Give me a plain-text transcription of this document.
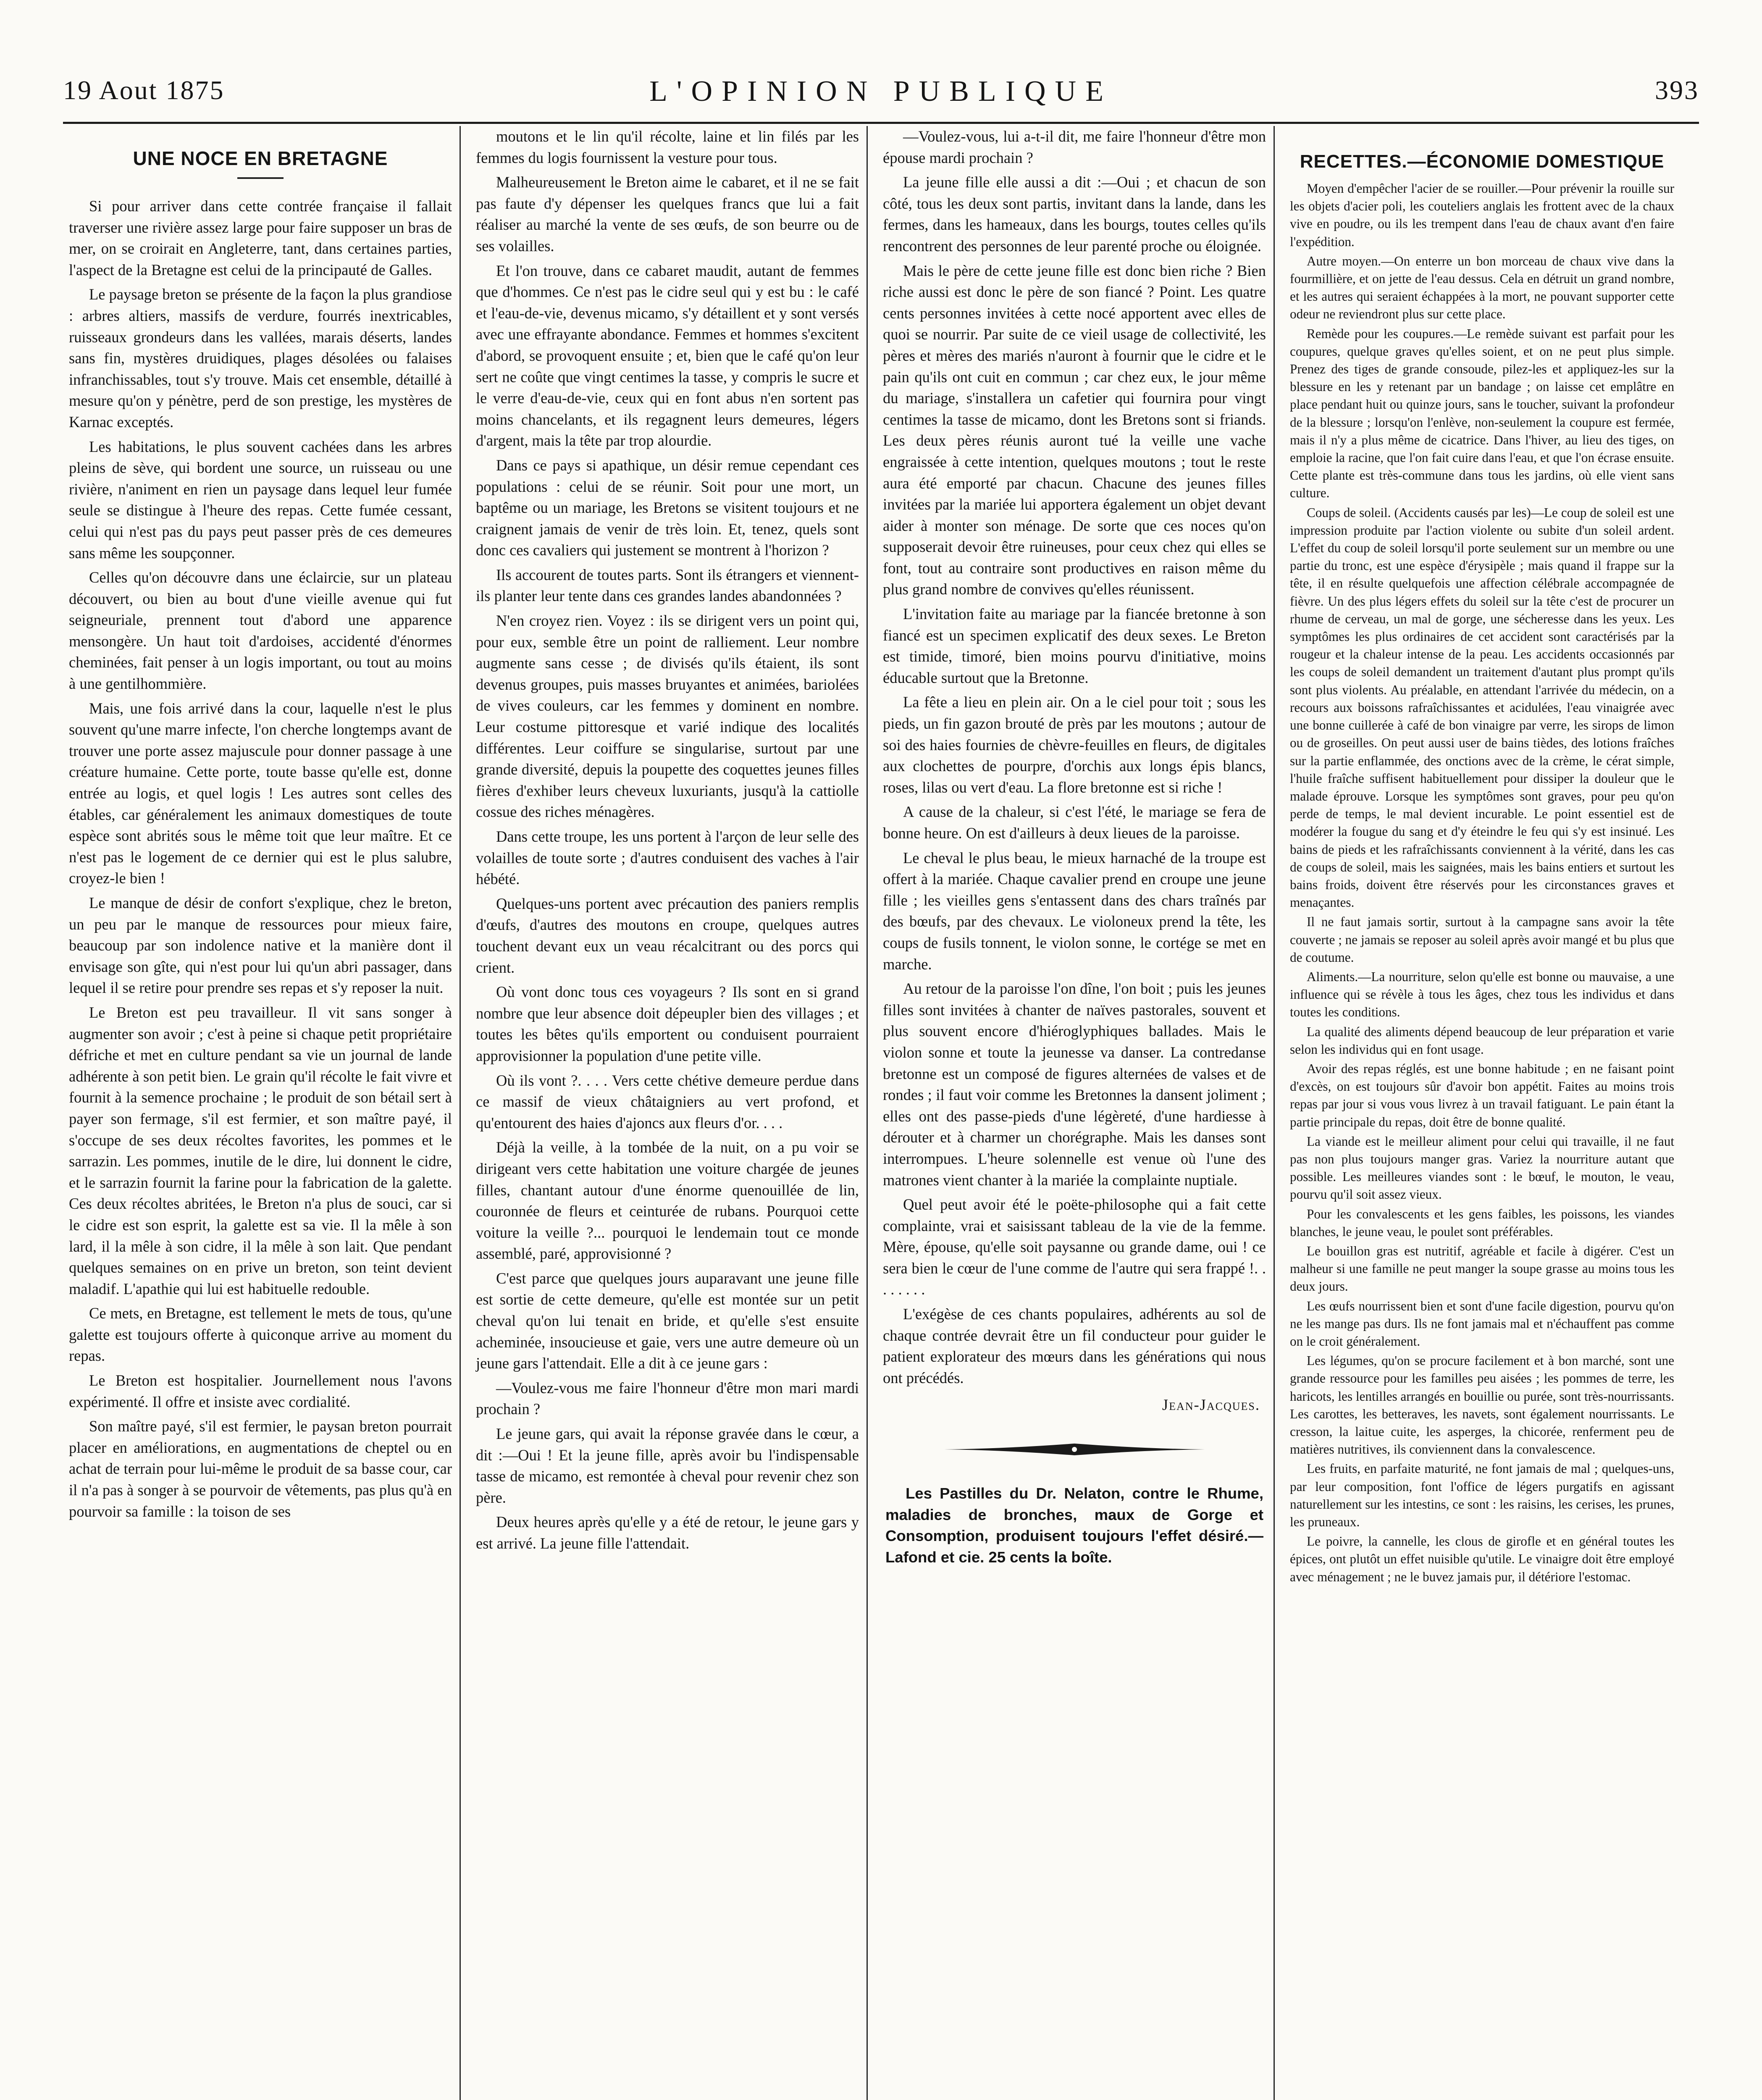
19 Aout 1875	L'OPINION PUBLIQUE	393
UNE NOCE EN BRETAGNE

Si pour arriver dans cette contrée française il fallait traverser une rivière assez large pour faire supposer un bras de mer, on se croirait en Angleterre, tant, dans certaines parties, l'aspect de la Bretagne est celui de la principauté de Galles.

Le paysage breton se présente de la façon la plus grandiose : arbres altiers, massifs de verdure, fourrés inextricables, ruisseaux grondeurs dans les vallées, marais déserts, landes sans fin, mystères druidiques, plages désolées ou falaises infranchissables, tout s'y trouve. Mais cet ensemble, détaillé à mesure qu'on y pénètre, perd de son prestige, les mystères de Karnac exceptés.

Les habitations, le plus souvent cachées dans les arbres pleins de sève, qui bordent une source, un ruisseau ou une rivière, n'animent en rien un paysage dans lequel leur fumée seule se distingue à l'heure des repas. Cette fumée cessant, celui qui n'est pas du pays peut passer près de ces demeures sans même les soupçonner.

Celles qu'on découvre dans une éclaircie, sur un plateau découvert, ou bien au bout d'une vieille avenue qui fut seigneuriale, prennent tout d'abord une apparence mensongère. Un haut toit d'ardoises, accidenté d'énormes cheminées, fait penser à un logis important, ou tout au moins à une gentilhommière.

Mais, une fois arrivé dans la cour, laquelle n'est le plus souvent qu'une marre infecte, l'on cherche longtemps avant de trouver une porte assez majuscule pour donner passage à une créature humaine. Cette porte, toute basse qu'elle est, donne entrée au logis, et quel logis ! Les autres sont celles des étables, car généralement les animaux domestiques de toute espèce sont abrités sous le même toit que leur maître. Et ce n'est pas le logement de ce dernier qui est le plus salubre, croyez-le bien !

Le manque de désir de confort s'explique, chez le breton, un peu par le manque de ressources pour mieux faire, beaucoup par son indolence native et la manière dont il envisage son gîte, qui n'est pour lui qu'un abri passager, dans lequel il se retire pour prendre ses repas et s'y reposer la nuit.

Le Breton est peu travailleur. Il vit sans songer à augmenter son avoir ; c'est à peine si chaque petit propriétaire défriche et met en culture pendant sa vie un journal de lande adhérente à son petit bien. Le grain qu'il récolte le fait vivre et fournit à la semence prochaine ; le produit de son bétail sert à payer son fermage, s'il est fermier, et son maître payé, il s'occupe de ses deux récoltes favorites, les pommes et le sarrazin. Les pommes, inutile de le dire, lui donnent le cidre, et le sarrazin fournit la farine pour la fabrication de la galette. Ces deux récoltes abritées, le Breton n'a plus de souci, car si le cidre est son esprit, la galette est sa vie. Il la mêle à son lard, il la mêle à son cidre, il la mêle à son lait. Que pendant quelques semaines on en prive un breton, son teint devient maladif. L'apathie qui lui est habituelle redouble.

Ce mets, en Bretagne, est tellement le mets de tous, qu'une galette est toujours offerte à quiconque arrive au moment du repas.

Le Breton est hospitalier. Journellement nous l'avons expérimenté. Il offre et insiste avec cordialité.

Son maître payé, s'il est fermier, le paysan breton pourrait placer en améliorations, en augmentations de cheptel ou en achat de terrain pour lui-même le produit de sa basse cour, car il n'a pas à songer à se pourvoir de vêtements, pas plus qu'à en pourvoir sa famille : la toison de ses

moutons et le lin qu'il récolte, laine et lin filés par les femmes du logis fournissent la vesture pour tous.

Malheureusement le Breton aime le cabaret, et il ne se fait pas faute d'y dépenser les quelques francs que lui a fait réaliser au marché la vente de ses œufs, de son beurre ou de ses volailles.

Et l'on trouve, dans ce cabaret maudit, autant de femmes que d'hommes. Ce n'est pas le cidre seul qui y est bu : le café et l'eau-de-vie, devenus micamo, s'y détaillent et y sont versés avec une effrayante abondance. Femmes et hommes s'excitent d'abord, se provoquent ensuite ; et, bien que le café qu'on leur sert ne coûte que vingt centimes la tasse, y compris le sucre et le verre d'eau-de-vie, ceux qui en font abus n'en sortent pas moins chancelants, et ils regagnent leurs demeures, légers d'argent, mais la tête par trop alourdie.

Dans ce pays si apathique, un désir remue cependant ces populations : celui de se réunir. Soit pour une mort, un baptême ou un mariage, les Bretons se visitent toujours et ne craignent jamais de venir de très loin. Et, tenez, quels sont donc ces cavaliers qui justement se montrent à l'horizon ?

Ils accourent de toutes parts. Sont ils étrangers et viennent-ils planter leur tente dans ces grandes landes abandonnées ?

N'en croyez rien. Voyez : ils se dirigent vers un point qui, pour eux, semble être un point de ralliement. Leur nombre augmente sans cesse ; de divisés qu'ils étaient, ils sont devenus groupes, puis masses bruyantes et animées, bariolées de vives couleurs, car les femmes y dominent en nombre. Leur costume pittoresque et varié indique des localités différentes. Leur coiffure se singularise, surtout par une grande diversité, depuis la poupette des coquettes jeunes filles fières d'exhiber leurs cheveux luxuriants, jusqu'à la cattiolle cossue des riches ménagères.

Dans cette troupe, les uns portent à l'arçon de leur selle des volailles de toute sorte ; d'autres conduisent des vaches à l'air hébété.

Quelques-uns portent avec précaution des paniers remplis d'œufs, d'autres des moutons en croupe, quelques autres touchent devant eux un veau récalcitrant ou des porcs qui crient.

Où vont donc tous ces voyageurs ? Ils sont en si grand nombre que leur absence doit dépeupler bien des villages ; et toutes les bêtes qu'ils emportent ou conduisent pourraient approvisionner la population d'une petite ville.

Où ils vont ?. . . . Vers cette chétive demeure perdue dans ce massif de vieux châtaigniers au vert profond, et qu'entourent des haies d'ajoncs aux fleurs d'or. . . .

Déjà la veille, à la tombée de la nuit, on a pu voir se dirigeant vers cette habitation une voiture chargée de jeunes filles, chantant autour d'une énorme quenouillée de lin, couronnée de fleurs et ceinturée de rubans. Pourquoi cette voiture la veille ?... pourquoi le lendemain tout ce monde assemblé, paré, approvisionné ?

C'est parce que quelques jours auparavant une jeune fille est sortie de cette demeure, qu'elle est montée sur un petit cheval qu'on lui tenait en bride, et qu'elle s'est ensuite acheminée, insoucieuse et gaie, vers une autre demeure où un jeune gars l'attendait. Elle a dit à ce jeune gars :

—Voulez-vous me faire l'honneur d'être mon mari mardi prochain ?

Le jeune gars, qui avait la réponse gravée dans le cœur, a dit :—Oui ! Et la jeune fille, après avoir bu l'indispensable tasse de micamo, est remontée à cheval pour revenir chez son père.

Deux heures après qu'elle y a été de retour, le jeune gars y est arrivé. La jeune fille l'attendait.

—Voulez-vous, lui a-t-il dit, me faire l'honneur d'être mon épouse mardi prochain ?

La jeune fille elle aussi a dit :—Oui ; et chacun de son côté, tous les deux sont partis, invitant dans la lande, dans les fermes, dans les hameaux, dans les bourgs, toutes celles qu'ils rencontrent des personnes de leur parenté proche ou éloignée.

Mais le père de cette jeune fille est donc bien riche ? Bien riche aussi est donc le père de son fiancé ? Point. Les quatre cents personnes invitées à cette nocé apportent avec elles de quoi se nourrir. Par suite de ce vieil usage de collectivité, les pères et mères des mariés n'auront à fournir que le cidre et le pain qu'ils ont cuit en commun ; car chez eux, le jour même du mariage, s'installera un cafetier qui fournira pour vingt centimes la tasse de micamo, dont les Bretons sont si friands. Les deux pères réunis auront tué la veille une vache engraissée à cette intention, quelques moutons ; tout le reste aura été emporté par chacun. Chacune des jeunes filles invitées par la mariée lui apportera également un objet devant aider à monter son ménage. De sorte que ces noces qu'on supposerait devoir être ruineuses, pour ceux chez qui elles se font, tout au contraire sont productives en raison même du plus grand nombre de convives qu'elles réunissent.

L'invitation faite au mariage par la fiancée bretonne à son fiancé est un specimen explicatif des deux sexes. Le Breton est timide, timoré, bien moins pourvu d'initiative, moins éducable surtout que la Bretonne.

La fête a lieu en plein air. On a le ciel pour toit ; sous les pieds, un fin gazon brouté de près par les moutons ; autour de soi des haies fournies de chèvre-feuilles en fleurs, de digitales aux clochettes de pourpre, d'orchis aux longs épis blancs, roses, lilas ou vert d'eau. La flore bretonne est si riche !

A cause de la chaleur, si c'est l'été, le mariage se fera de bonne heure. On est d'ailleurs à deux lieues de la paroisse.

Le cheval le plus beau, le mieux harnaché de la troupe est offert à la mariée. Chaque cavalier prend en croupe une jeune fille ; les vieilles gens s'entassent dans des chars traînés par des bœufs, par des chevaux. Le violoneux prend la tête, les coups de fusils tonnent, le violon sonne, le cortége se met en marche.

Au retour de la paroisse l'on dîne, l'on boit ; puis les jeunes filles sont invitées à chanter de naïves pastorales, souvent et plus souvent encore d'hiéroglyphiques ballades. Mais le violon sonne et toute la jeunesse va danser. La contredanse bretonne est un composé de figures alternées de valses et de rondes ; il faut voir comme les Bretonnes la dansent joliment ; elles ont des passe-pieds d'une légèreté, d'une hardiesse à dérouter et à charmer un chorégraphe. Mais les danses sont interrompues. L'heure solennelle est venue où l'une des matrones vient chanter à la mariée la complainte nuptiale.

Quel peut avoir été le poëte-philosophe qui a fait cette complainte, vrai et saisissant tableau de la vie de la femme. Mère, épouse, qu'elle soit paysanne ou grande dame, oui ! ce sera bien le cœur de l'une comme de l'autre qui sera frappé !. . . . . . . .

L'exégèse de ces chants populaires, adhérents au sol de chaque contrée devrait être un fil conducteur pour guider le patient explorateur des mœurs dans les générations qui nous ont précédés.

Jean-Jacques.

Les Pastilles du Dr. Nelaton, contre le Rhume, maladies de bronches, maux de Gorge et Consomption, produisent toujours l'effet désiré.—Lafond et cie. 25 cents la boîte.

RECETTES.—ÉCONOMIE DOMESTIQUE

Moyen d'empêcher l'acier de se rouiller.—Pour prévenir la rouille sur les objets d'acier poli, les couteliers anglais les frottent avec de la chaux vive en poudre, ou ils les trempent dans l'eau de chaux avant d'en faire l'expédition.

Autre moyen.—On enterre un bon morceau de chaux vive dans la fourmillière, et on jette de l'eau dessus. Cela en détruit un grand nombre, et les autres qui seraient échappées à la mort, ne pouvant supporter cette odeur ne reviendront plus sur cette place.

Remède pour les coupures.—Le remède suivant est parfait pour les coupures, quelque graves qu'elles soient, et on ne peut plus simple. Prenez des tiges de grande consoude, pilez-les et appliquez-les sur la blessure en les y retenant par un bandage ; on laisse cet emplâtre en place pendant huit ou quinze jours, sans le toucher, suivant la profondeur de la blessure ; lorsqu'on l'enlève, non-seulement la coupure est fermée, mais il n'y a plus même de cicatrice. Dans l'hiver, au lieu des tiges, on emploie la racine, que l'on fait cuire dans l'eau, et que l'on écrase ensuite. Cette plante est très-commune dans tous les jardins, où elle vient sans culture.

Coups de soleil. (Accidents causés par les)—Le coup de soleil est une impression produite par l'action violente ou subite d'un soleil ardent. L'effet du coup de soleil lorsqu'il porte seulement sur un membre ou une partie du tronc, est une espèce d'érysipèle ; mais quand il frappe sur la tête, il en résulte quelquefois une affection célébrale accompagnée de fièvre. Un des plus légers effets du soleil sur la tête c'est de procurer un rhume de cerveau, un mal de gorge, une sécheresse dans les yeux. Les symptômes les plus ordinaires de cet accident sont caractérisés par la rougeur et la chaleur intense de la peau. Les accidents occasionnés par les coups de soleil demandent un traitement d'autant plus prompt qu'ils sont plus violents. Au préalable, en attendant l'arrivée du médecin, on a recours aux boissons rafraîchissantes et acidulées, l'eau vinaigrée avec une bonne cuillerée à café de bon vinaigre par verre, les sirops de limon ou de groseilles. On peut aussi user de bains tièdes, des lotions fraîches sur la partie enflammée, des onctions avec de la crème, le cérat simple, l'huile fraîche suffisent habituellement pour dissiper la douleur que le malade éprouve. Lorsque les symptômes sont graves, pour peu qu'on perde de temps, le mal devient incurable. Le point essentiel est de modérer la fougue du sang et d'y éteindre le feu qui s'y est insinué. Les bains de pieds et les rafraîchissants conviennent à la vérité, dans les cas de coups de soleil, mais les saignées, mais les bains entiers et surtout les bains froids, doivent être réservés pour les circonstances graves et menaçantes.

Il ne faut jamais sortir, surtout à la campagne sans avoir la tête couverte ; ne jamais se reposer au soleil après avoir mangé et bu plus que de coutume.

Aliments.—La nourriture, selon qu'elle est bonne ou mauvaise, a une influence qui se révèle à tous les âges, chez tous les individus et dans toutes les conditions.

La qualité des aliments dépend beaucoup de leur préparation et varie selon les individus qui en font usage.

Avoir des repas réglés, est une bonne habitude ; en ne faisant point d'excès, on est toujours sûr d'avoir bon appétit. Faites au moins trois repas par jour si vous vous livrez à un travail fatiguant. Le pain étant la partie principale du repas, doit être de bonne qualité.

La viande est le meilleur aliment pour celui qui travaille, il ne faut pas non plus toujours manger gras. Variez la nourriture autant que possible. Les meilleures viandes sont : le bœuf, le mouton, le veau, pourvu qu'il soit assez vieux.

Pour les convalescents et les gens faibles, les poissons, les viandes blanches, le jeune veau, le poulet sont préférables.

Le bouillon gras est nutritif, agréable et facile à digérer. C'est un malheur si une famille ne peut manger la soupe grasse au moins tous les deux jours.

Les œufs nourrissent bien et sont d'une facile digestion, pourvu qu'on ne les mange pas durs. Ils ne font jamais mal et n'échauffent pas comme on le croit généralement.

Les légumes, qu'on se procure facilement et à bon marché, sont une grande ressource pour les familles peu aisées ; les pommes de terre, les haricots, les lentilles arrangés en bouillie ou purée, sont très-nourrissants. Les carottes, les betteraves, les navets, sont également nourrissants. Le cresson, la laitue cuite, les asperges, la chicorée, renferment peu de matières nutritives, ils conviennent dans la convalescence.

Les fruits, en parfaite maturité, ne font jamais de mal ; quelques-uns, par leur composition, font l'office de légers purgatifs en agissant naturellement sur les intestins, ce sont : les raisins, les cerises, les prunes, les pruneaux.

Le poivre, la cannelle, les clous de girofle et en général toutes les épices, ont plutôt un effet nuisible qu'utile. Le vinaigre doit être employé avec ménagement ; ne le buvez jamais pur, il détériore l'estomac.
